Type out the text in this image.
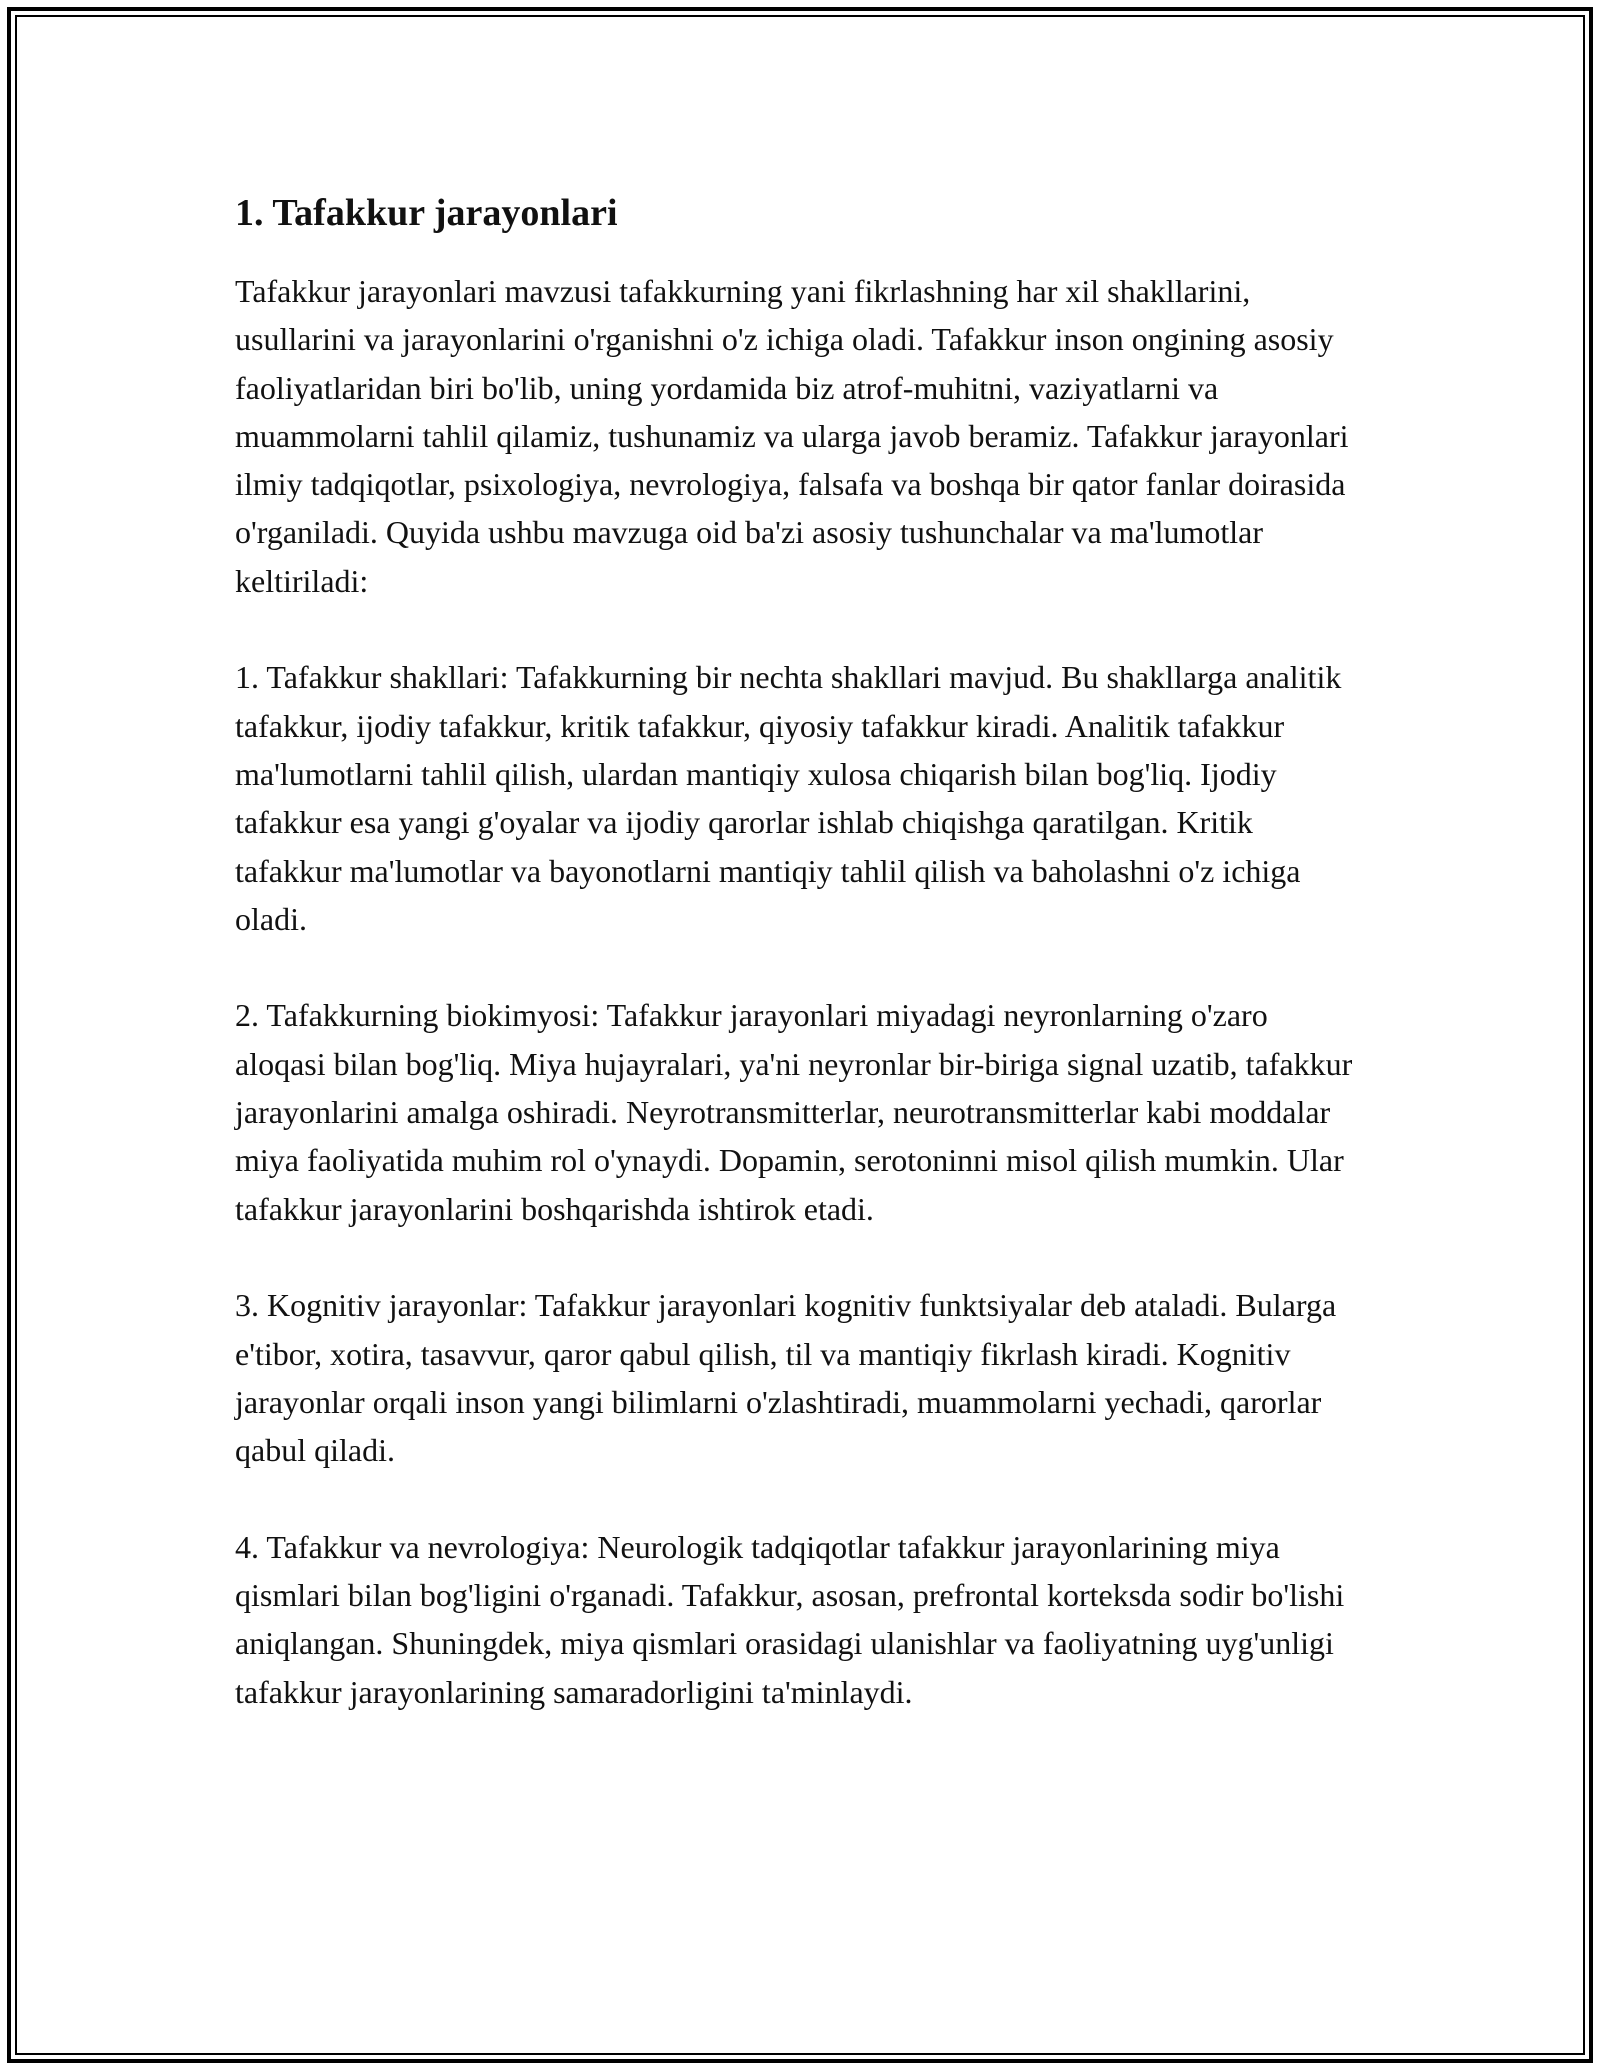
1. Tafakkur jarayonlari

Tafakkur jarayonlari mavzusi tafakkurning yani fikrlashning har xil shakllarini, usullarini va jarayonlarini o'rganishni o'z ichiga oladi. Tafakkur inson ongining asosiy faoliyatlaridan biri bo'lib, uning yordamida biz atrof-muhitni, vaziyatlarni va muammolarni tahlil qilamiz, tushunamiz va ularga javob beramiz. Tafakkur jarayonlari ilmiy tadqiqotlar, psixologiya, nevrologiya, falsafa va boshqa bir qator fanlar doirasida o'rganiladi. Quyida ushbu mavzuga oid ba'zi asosiy tushunchalar va ma'lumotlar keltiriladi:

1. Tafakkur shakllari: Tafakkurning bir nechta shakllari mavjud. Bu shakllarga analitik tafakkur, ijodiy tafakkur, kritik tafakkur, qiyosiy tafakkur kiradi. Analitik tafakkur ma'lumotlarni tahlil qilish, ulardan mantiqiy xulosa chiqarish bilan bog'liq. Ijodiy tafakkur esa yangi g'oyalar va ijodiy qarorlar ishlab chiqishga qaratilgan. Kritik tafakkur ma'lumotlar va bayonotlarni mantiqiy tahlil qilish va baholashni o'z ichiga oladi.

2. Tafakkurning biokimyosi: Tafakkur jarayonlari miyadagi neyronlarning o'zaro aloqasi bilan bog'liq. Miya hujayralari, ya'ni neyronlar bir-biriga signal uzatib, tafakkur jarayonlarini amalga oshiradi. Neyrotransmitterlar, neurotransmitterlar kabi moddalar miya faoliyatida muhim rol o'ynaydi. Dopamin, serotoninni misol qilish mumkin. Ular tafakkur jarayonlarini boshqarishda ishtirok etadi.

3. Kognitiv jarayonlar: Tafakkur jarayonlari kognitiv funktsiyalar deb ataladi. Bularga e'tibor, xotira, tasavvur, qaror qabul qilish, til va mantiqiy fikrlash kiradi. Kognitiv jarayonlar orqali inson yangi bilimlarni o'zlashtiradi, muammolarni yechadi, qarorlar qabul qiladi.

4. Tafakkur va nevrologiya: Neurologik tadqiqotlar tafakkur jarayonlarining miya qismlari bilan bog'ligini o'rganadi. Tafakkur, asosan, prefrontal korteksda sodir bo'lishi aniqlangan. Shuningdek, miya qismlari orasidagi ulanishlar va faoliyatning uyg'unligi tafakkur jarayonlarining samaradorligini ta'minlaydi.
